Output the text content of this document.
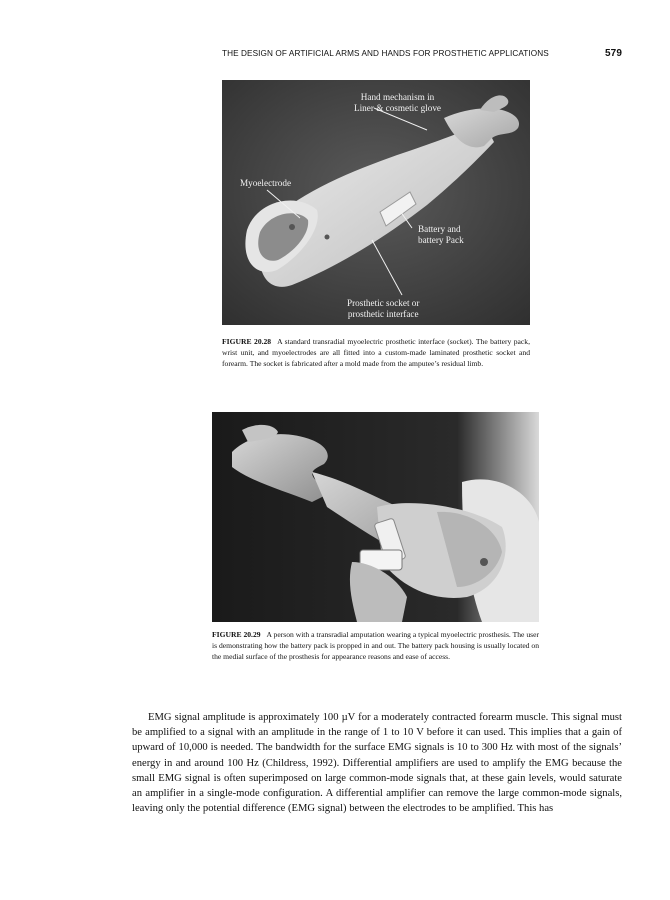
THE DESIGN OF ARTIFICIAL ARMS AND HANDS FOR PROSTHETIC APPLICATIONS	579
Hand mechanism in
Liner & cosmetic glove
Myoelectrode
Battery and
battery Pack
Prosthetic socket or
prosthetic interface
FIGURE 20.28 A standard transradial myoelectric prosthetic interface (socket). The battery pack, wrist unit, and myoelectrodes are all fitted into a custom-made laminated prosthetic socket and forearm. The socket is fabricated after a mold made from the amputee’s residual limb.
FIGURE 20.29 A person with a transradial amputation wearing a typical myoelectric prosthesis. The user is demonstrating how the battery pack is propped in and out. The battery pack housing is usually located on the medial surface of the prosthesis for appearance reasons and ease of access.
EMG signal amplitude is approximately 100 µV for a moderately contracted forearm muscle. This signal must be amplified to a signal with an amplitude in the range of 1 to 10 V before it can used. This implies that a gain of upward of 10,000 is needed. The bandwidth for the surface EMG signals is 10 to 300 Hz with most of the signals’ energy in and around 100 Hz (Childress, 1992). Differential amplifiers are used to amplify the EMG because the small EMG signal is often superimposed on large common-mode signals that, at these gain levels, would saturate an amplifier in a single-mode configuration. A differential amplifier can remove the large common-mode signals, leaving only the potential difference (EMG signal) between the electrodes to be amplified. This has
